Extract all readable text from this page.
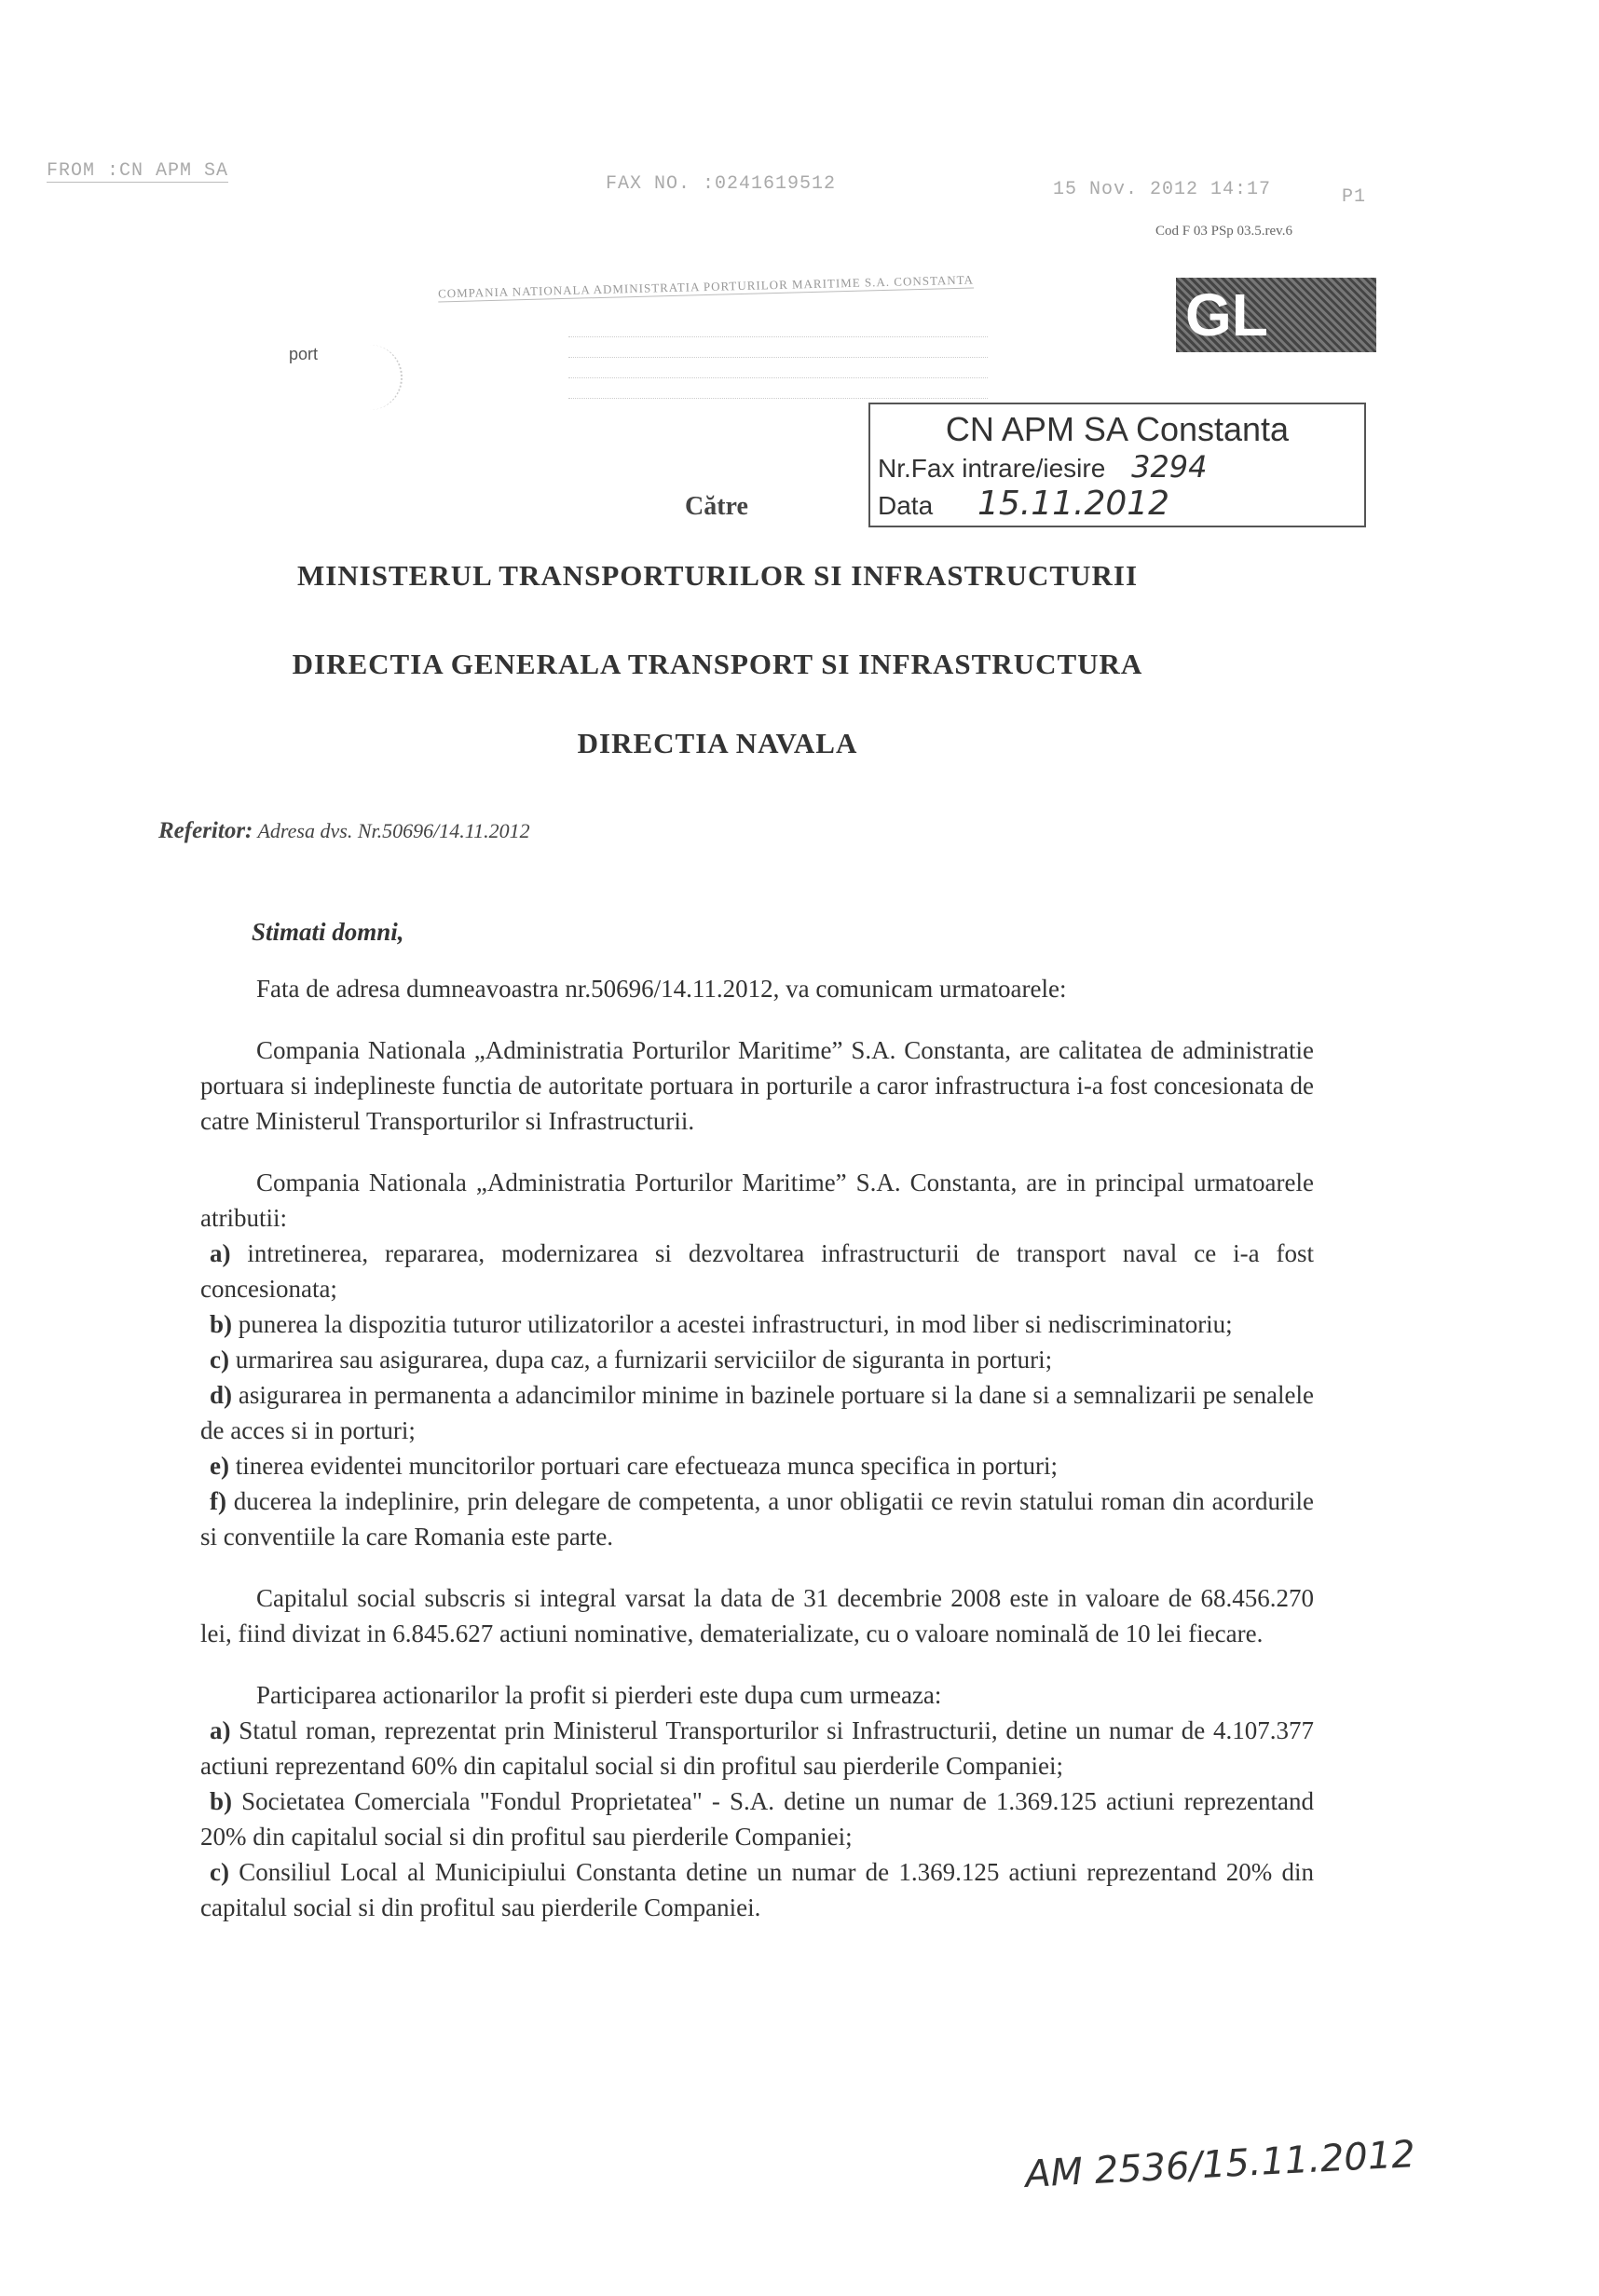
FROM :CN APM SA
FAX NO. :0241619512	15 Nov. 2012 14:17	P1
Cod F 03 PSp 03.5.rev.6
port
COMPANIA NATIONALA ADMINISTRATIA PORTURILOR MARITIME S.A. CONSTANTA	GL
CN APM SA Constanta
Nr.Fax intrare/iesire 3294
Data 15.11.2012
Către
MINISTERUL TRANSPORTURILOR SI INFRASTRUCTURII
DIRECTIA GENERALA TRANSPORT SI INFRASTRUCTURA
DIRECTIA NAVALA
Referitor: Adresa dvs. Nr.50696/14.11.2012
Stimati domni,

Fata de adresa dumneavoastra nr.50696/14.11.2012, va comunicam urmatoarele:

Compania Nationala „Administratia Porturilor Maritime” S.A. Constanta, are calitatea de administratie portuara si indeplineste functia de autoritate portuara in porturile a caror infrastructura i-a fost concesionata de catre Ministerul Transporturilor si Infrastructurii.

Compania Nationala „Administratia Porturilor Maritime” S.A. Constanta, are in principal urmatoarele atributii:

a) intretinerea, repararea, modernizarea si dezvoltarea infrastructurii de transport naval ce i-a fost concesionata;

b) punerea la dispozitia tuturor utilizatorilor a acestei infrastructuri, in mod liber si nediscriminatoriu;

c) urmarirea sau asigurarea, dupa caz, a furnizarii serviciilor de siguranta in porturi;

d) asigurarea in permanenta a adancimilor minime in bazinele portuare si la dane si a semnalizarii pe senalele de acces si in porturi;

e) tinerea evidentei muncitorilor portuari care efectueaza munca specifica in porturi;

f) ducerea la indeplinire, prin delegare de competenta, a unor obligatii ce revin statului roman din acordurile si conventiile la care Romania este parte.

Capitalul social subscris si integral varsat la data de 31 decembrie 2008 este in valoare de 68.456.270 lei, fiind divizat in 6.845.627 actiuni nominative, dematerializate, cu o valoare nominală de 10 lei fiecare.

Participarea actionarilor la profit si pierderi este dupa cum urmeaza:

a) Statul roman, reprezentat prin Ministerul Transporturilor si Infrastructurii, detine un numar de 4.107.377 actiuni reprezentand 60% din capitalul social si din profitul sau pierderile Companiei;

b) Societatea Comerciala "Fondul Proprietatea" - S.A. detine un numar de 1.369.125 actiuni reprezentand 20% din capitalul social si din profitul sau pierderile Companiei;

c) Consiliul Local al Municipiului Constanta detine un numar de 1.369.125 actiuni reprezentand 20% din capitalul social si din profitul sau pierderile Companiei.

AM 2536/15.11.2012
